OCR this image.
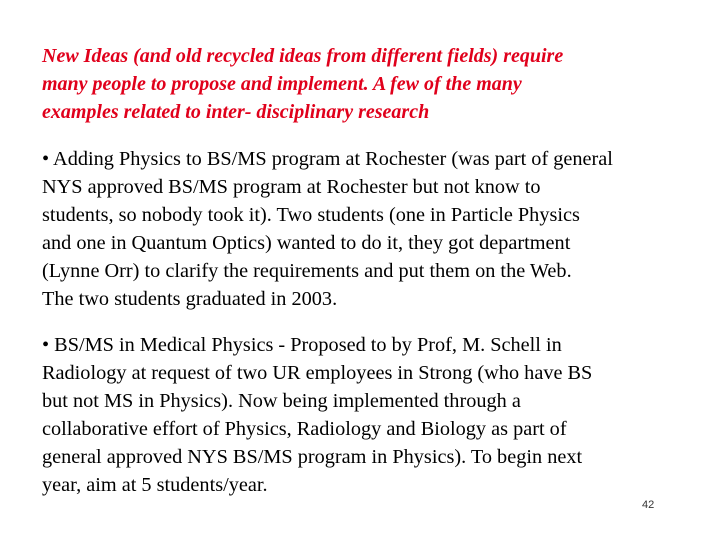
New Ideas (and old recycled ideas from different fields) require
many people to propose and implement. A few of the many
examples related to inter- disciplinary research
• Adding Physics to BS/MS program at Rochester (was part of general
NYS approved BS/MS program at Rochester but not know to
students, so nobody took it). Two students (one in Particle Physics
and one in Quantum Optics) wanted to do it, they got department
(Lynne Orr) to clarify the requirements and put them on the Web.
The two students graduated in 2003.
• BS/MS in Medical Physics - Proposed to by Prof, M. Schell in
Radiology at request of two UR employees in Strong (who have BS
but not MS in Physics). Now being implemented through a
collaborative effort of Physics, Radiology and Biology as part of
general approved NYS BS/MS program in Physics). To begin next
year, aim at 5 students/year.
42
